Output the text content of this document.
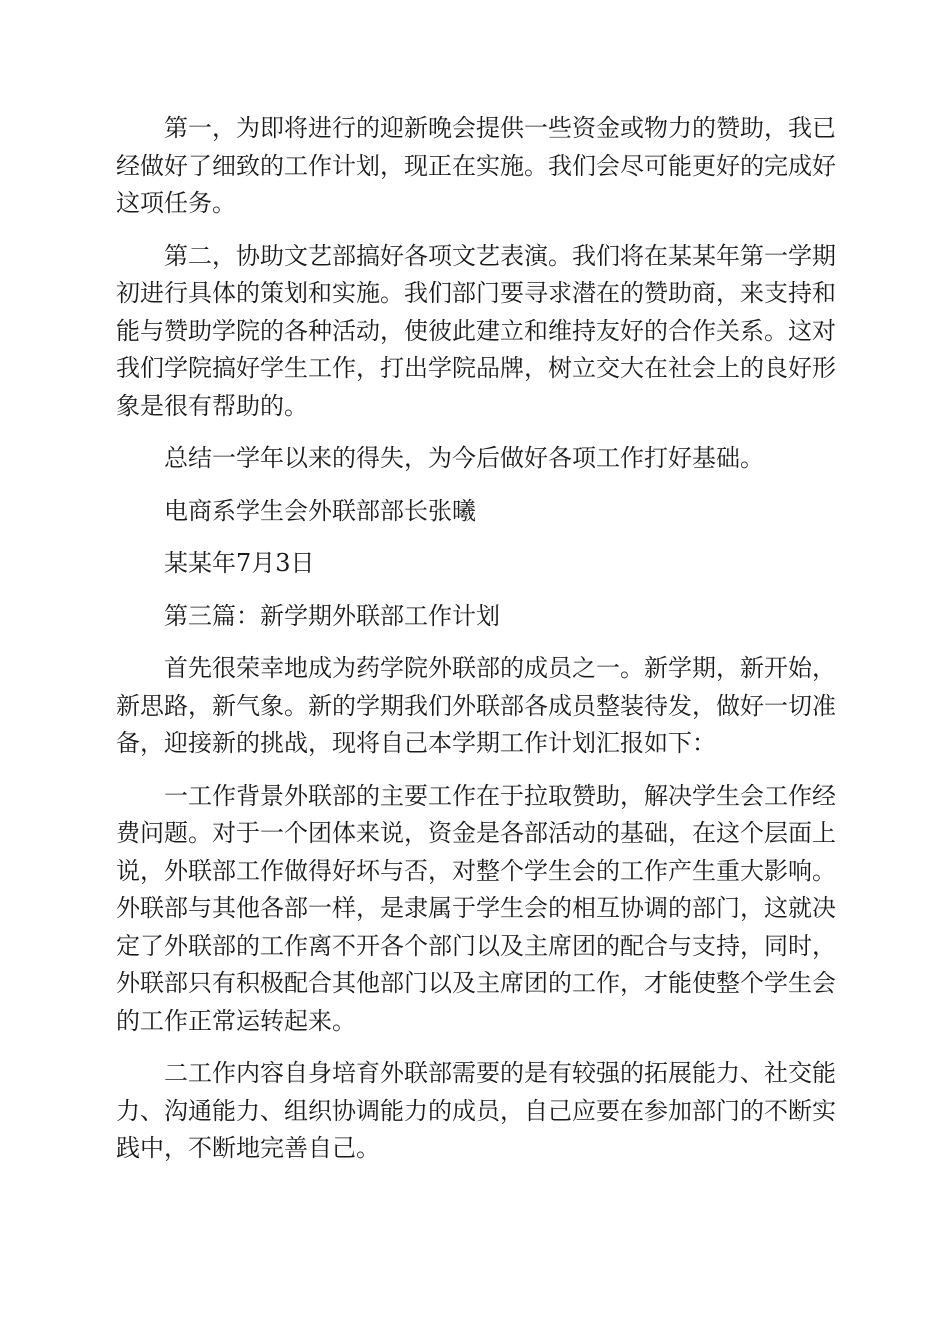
第一，为即将进行的迎新晚会提供一些资金或物力的赞助，我已经做好了细致的工作计划，现正在实施。我们会尽可能更好的完成好这项任务。

第二，协助文艺部搞好各项文艺表演。我们将在某某年第一学期初进行具体的策划和实施。我们部门要寻求潜在的赞助商，来支持和能与赞助学院的各种活动，使彼此建立和维持友好的合作关系。这对我们学院搞好学生工作，打出学院品牌，树立交大在社会上的良好形象是很有帮助的。

总结一学年以来的得失，为今后做好各项工作打好基础。

电商系学生会外联部部长张曦

某某年7月3日

第三篇：新学期外联部工作计划

首先很荣幸地成为药学院外联部的成员之一。新学期，新开始，新思路，新气象。新的学期我们外联部各成员整装待发，做好一切准备，迎接新的挑战，现将自己本学期工作计划汇报如下：

一工作背景外联部的主要工作在于拉取赞助，解决学生会工作经费问题。对于一个团体来说，资金是各部活动的基础，在这个层面上说，外联部工作做得好坏与否，对整个学生会的工作产生重大影响。外联部与其他各部一样，是隶属于学生会的相互协调的部门，这就决定了外联部的工作离不开各个部门以及主席团的配合与支持，同时，外联部只有积极配合其他部门以及主席团的工作，才能使整个学生会的工作正常运转起来。

二工作内容自身培育外联部需要的是有较强的拓展能力、社交能力、沟通能力、组织协调能力的成员，自己应要在参加部门的不断实践中，不断地完善自己。
